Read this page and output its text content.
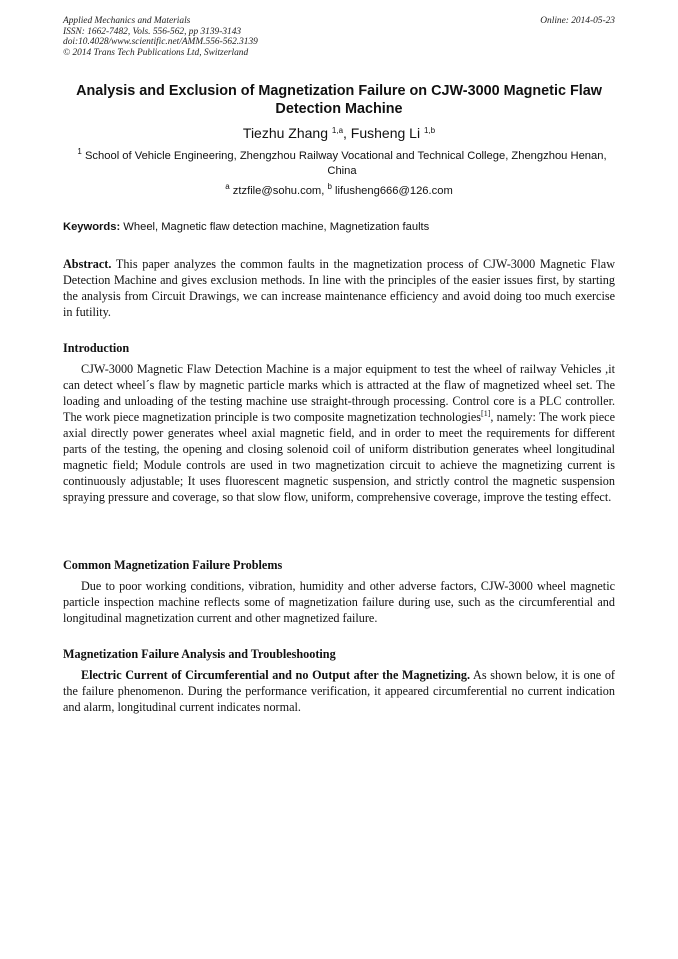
Applied Mechanics and Materials
ISSN: 1662-7482, Vols. 556-562, pp 3139-3143
doi:10.4028/www.scientific.net/AMM.556-562.3139
© 2014 Trans Tech Publications Ltd, Switzerland
Online: 2014-05-23
Analysis and Exclusion of Magnetization Failure on CJW-3000 Magnetic Flaw Detection Machine
Tiezhu Zhang $^{1,a}$, Fusheng Li $^{1,b}$
$^1$ School of Vehicle Engineering, Zhengzhou Railway Vocational and Technical College, Zhengzhou Henan, China
$^a$ ztzfile@sohu.com, $^b$ lifusheng666@126.com
Keywords: Wheel, Magnetic flaw detection machine, Magnetization faults
Abstract. This paper analyzes the common faults in the magnetization process of CJW-3000 Magnetic Flaw Detection Machine and gives exclusion methods. In line with the principles of the easier issues first, by starting the analysis from Circuit Drawings, we can increase maintenance efficiency and avoid doing too much exercise in futility.
Introduction
CJW-3000 Magnetic Flaw Detection Machine is a major equipment to test the wheel of railway Vehicles ,it can detect wheel´s flaw by magnetic particle marks which is attracted at the flaw of magnetized wheel set. The loading and unloading of the testing machine use straight-through processing. Control core is a PLC controller. The work piece magnetization principle is two composite magnetization technologies[1], namely: The work piece axial directly power generates wheel axial magnetic field, and in order to meet the requirements for different parts of the testing, the opening and closing solenoid coil of uniform distribution generates wheel longitudinal magnetic field; Module controls are used in two magnetization circuit to achieve the magnetizing current is continuously adjustable; It uses fluorescent magnetic suspension, and strictly control the magnetic suspension spraying pressure and coverage, so that slow flow, uniform, comprehensive coverage, improve the testing effect.
Common Magnetization Failure Problems
Due to poor working conditions, vibration, humidity and other adverse factors, CJW-3000 wheel magnetic particle inspection machine reflects some of magnetization failure during use, such as the circumferential and longitudinal magnetization current and other magnetized failure.
Magnetization Failure Analysis and Troubleshooting
Electric Current of Circumferential and no Output after the Magnetizing. As shown below, it is one of the failure phenomenon. During the performance verification, it appeared circumferential no current indication and alarm, longitudinal current indicates normal.
